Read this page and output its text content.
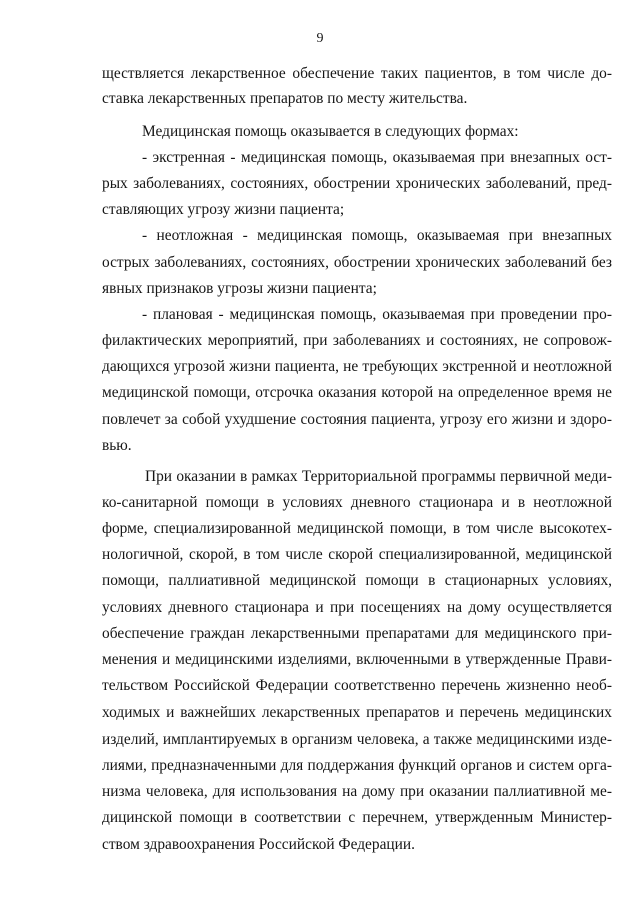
9
ществляется лекарственное обеспечение таких пациентов, в том числе до-
ставка лекарственных препаратов по месту жительства.
Медицинская помощь оказывается в следующих формах:
- экстренная - медицинская помощь, оказываемая при внезапных ост-
рых заболеваниях, состояниях, обострении хронических заболеваний, пред-
ставляющих угрозу жизни пациента;
- неотложная - медицинская помощь, оказываемая при внезапных
острых заболеваниях, состояниях, обострении хронических заболеваний без
явных признаков угрозы жизни пациента;
- плановая - медицинская помощь, оказываемая при проведении про-
филактических мероприятий, при заболеваниях и состояниях, не сопровож-
дающихся угрозой жизни пациента, не требующих экстренной и неотложной
медицинской помощи, отсрочка оказания которой на определенное время не
повлечет за собой ухудшение состояния пациента, угрозу его жизни и здоро-
вью.
При оказании в рамках Территориальной программы первичной меди-
ко-санитарной помощи в условиях дневного стационара и в неотложной
форме, специализированной медицинской помощи, в том числе высокотех-
нологичной, скорой, в том числе скорой специализированной, медицинской
помощи, паллиативной медицинской помощи в стационарных условиях,
условиях дневного стационара и при посещениях на дому осуществляется
обеспечение граждан лекарственными препаратами для медицинского при-
менения и медицинскими изделиями, включенными в утвержденные Прави-
тельством Российской Федерации соответственно перечень жизненно необ-
ходимых и важнейших лекарственных препаратов и перечень медицинских
изделий, имплантируемых в организм человека, а также медицинскими изде-
лиями, предназначенными для поддержания функций органов и систем орга-
низма человека, для использования на дому при оказании паллиативной ме-
дицинской помощи в соответствии с перечнем, утвержденным Министер-
ством здравоохранения Российской Федерации.
